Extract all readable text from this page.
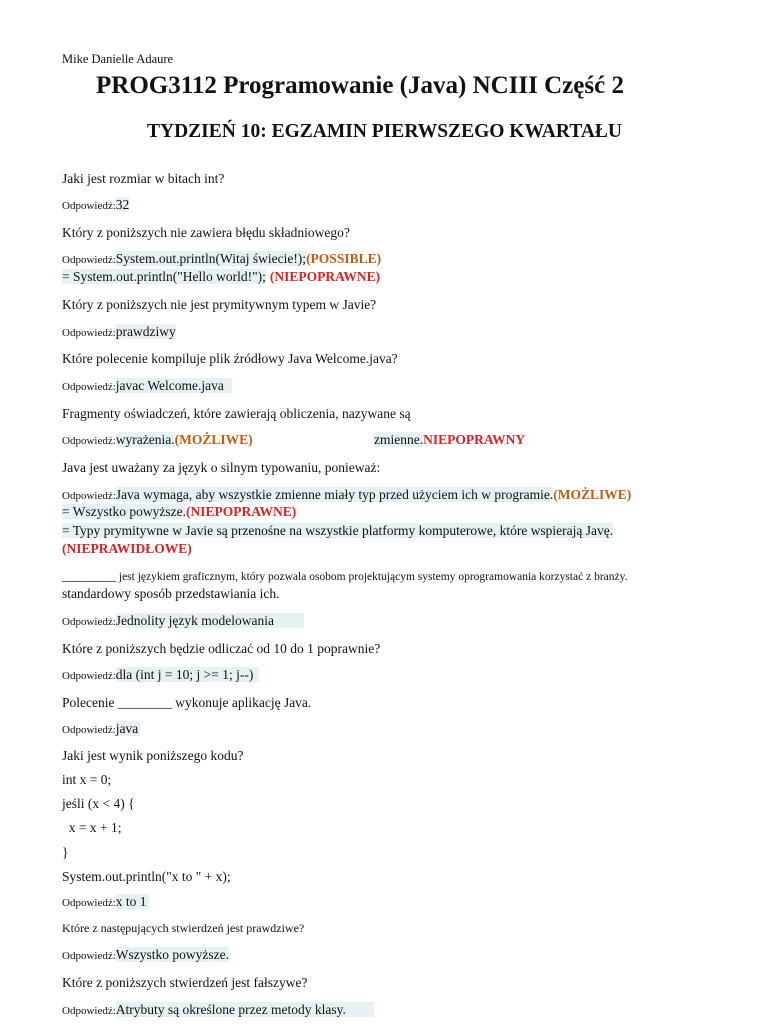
Mike Danielle Adaure
PROG3112 Programowanie (Java) NCIII Część 2
TYDZIEŃ 10: EGZAMIN PIERWSZEGO KWARTAŁU
Jaki jest rozmiar w bitach int?
Odpowiedź:32
Który z poniższych nie zawiera błędu składniowego?
Odpowiedź:System.out.println(Witaj świecie!);(POSSIBLE)
= System.out.println("Hello world!"); (NIEPOPRAWNE)
Który z poniższych nie jest prymitywnym typem w Javie?
Odpowiedź:prawdziwy
Które polecenie kompiluje plik źródłowy Java Welcome.java?
Odpowiedź:javac Welcome.java
Fragmenty oświadczeń, które zawierają obliczenia, nazywane są
Odpowiedź:wyrażenia.(MOŻLIWE)	zmienne.NIEPOPRAWNY
Java jest uważany za język o silnym typowaniu, ponieważ:
Odpowiedź:Java wymaga, aby wszystkie zmienne miały typ przed użyciem ich w programie.(MOŻLIWE)
= Wszystko powyższe.(NIEPOPRAWNE)
= Typy prymitywne w Javie są przenośne na wszystkie platformy komputerowe, które wspierają Javę.
(NIEPRAWIDŁOWE)
________ jest językiem graficznym, który pozwala osobom projektującym systemy oprogramowania korzystać z branży.
standardowy sposób przedstawiania ich.
Odpowiedź:Jednolity język modelowania
Które z poniższych będzie odliczać od 10 do 1 poprawnie?
Odpowiedź:dla (int j = 10; j >= 1; j--)
Polecenie ________ wykonuje aplikację Java.
Odpowiedź:java
Jaki jest wynik poniższego kodu?
int x = 0;
jeśli (x < 4) {
x = x + 1;
}
System.out.println("x to " + x);
Odpowiedź:x to 1
Które z następujących stwierdzeń jest prawdziwe?
Odpowiedź:Wszystko powyższe.
Które z poniższych stwierdzeń jest fałszywe?
Odpowiedź:Atrybuty są określone przez metody klasy.
